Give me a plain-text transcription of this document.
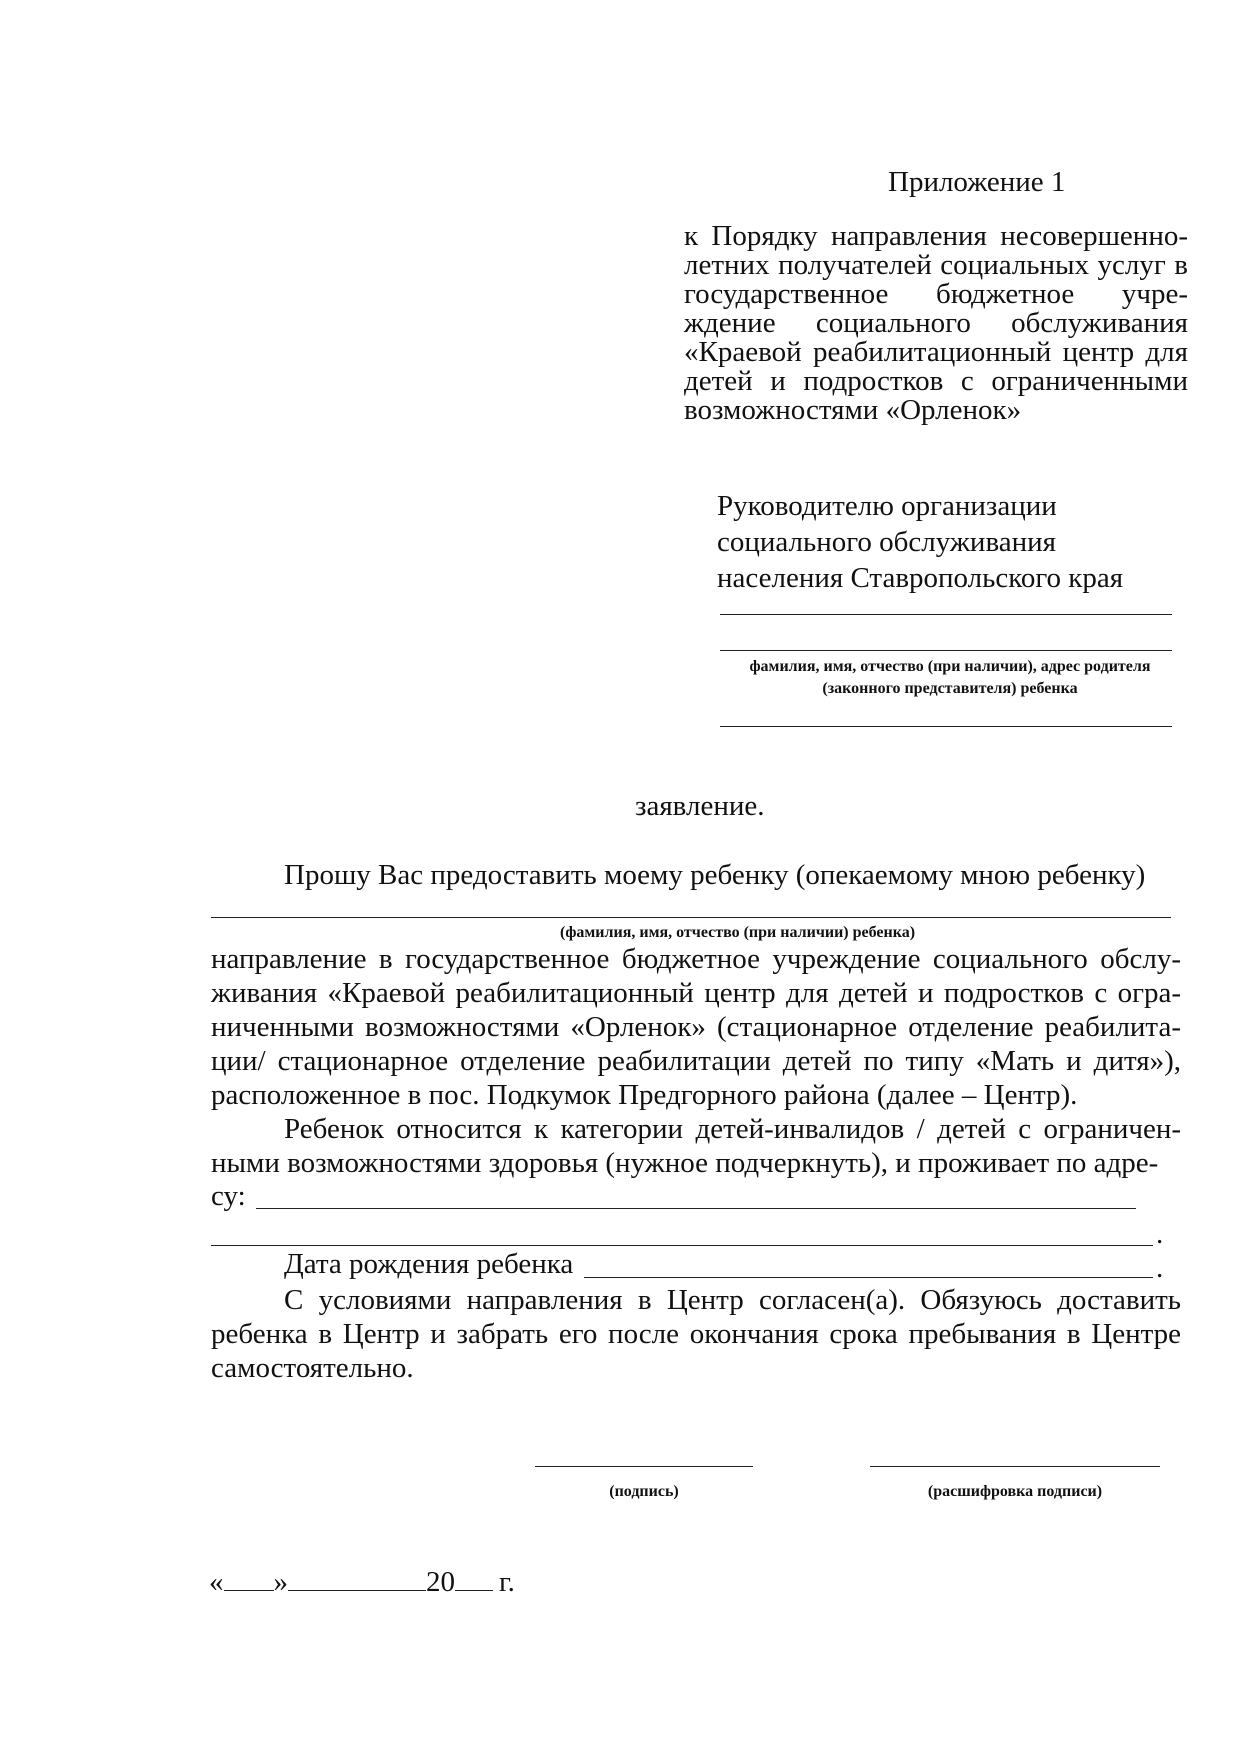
Приложение 1
к Порядку направления несовершенно-летних получателей социальных услуг в государственное бюджетное учре-ждение социального обслуживания «Краевой реабилитационный центр для детей и подростков с ограниченными возможностями «Орленок»
Руководителю организации
социального обслуживания
населения Ставропольского края
фамилия, имя, отчество (при наличии), адрес родителя
(законного представителя) ребенка
заявление.
Прошу Вас предоставить моему ребенку (опекаемому мною ребенку)
(фамилия, имя, отчество (при наличии) ребенка)
направление в государственное бюджетное учреждение социального обслу-живания «Краевой реабилитационный центр для детей и подростков с огра-ниченными возможностями «Орленок» (стационарное отделение реабилита-ции/ стационарное отделение реабилитации детей по типу «Мать и дитя»), расположенное в пос. Подкумок Предгорного района (далее – Центр).
Ребенок относится к категории детей-инвалидов / детей с ограничен-ными возможностями здоровья (нужное подчеркнуть), и проживает по адре-
су:
.
Дата рождения ребенка	.
С условиями направления в Центр согласен(а). Обязуюсь доставить ребенка в Центр и забрать его после окончания срока пребывания в Центре самостоятельно.
(подпись)	(расшифровка подписи)
« »	20 г.
